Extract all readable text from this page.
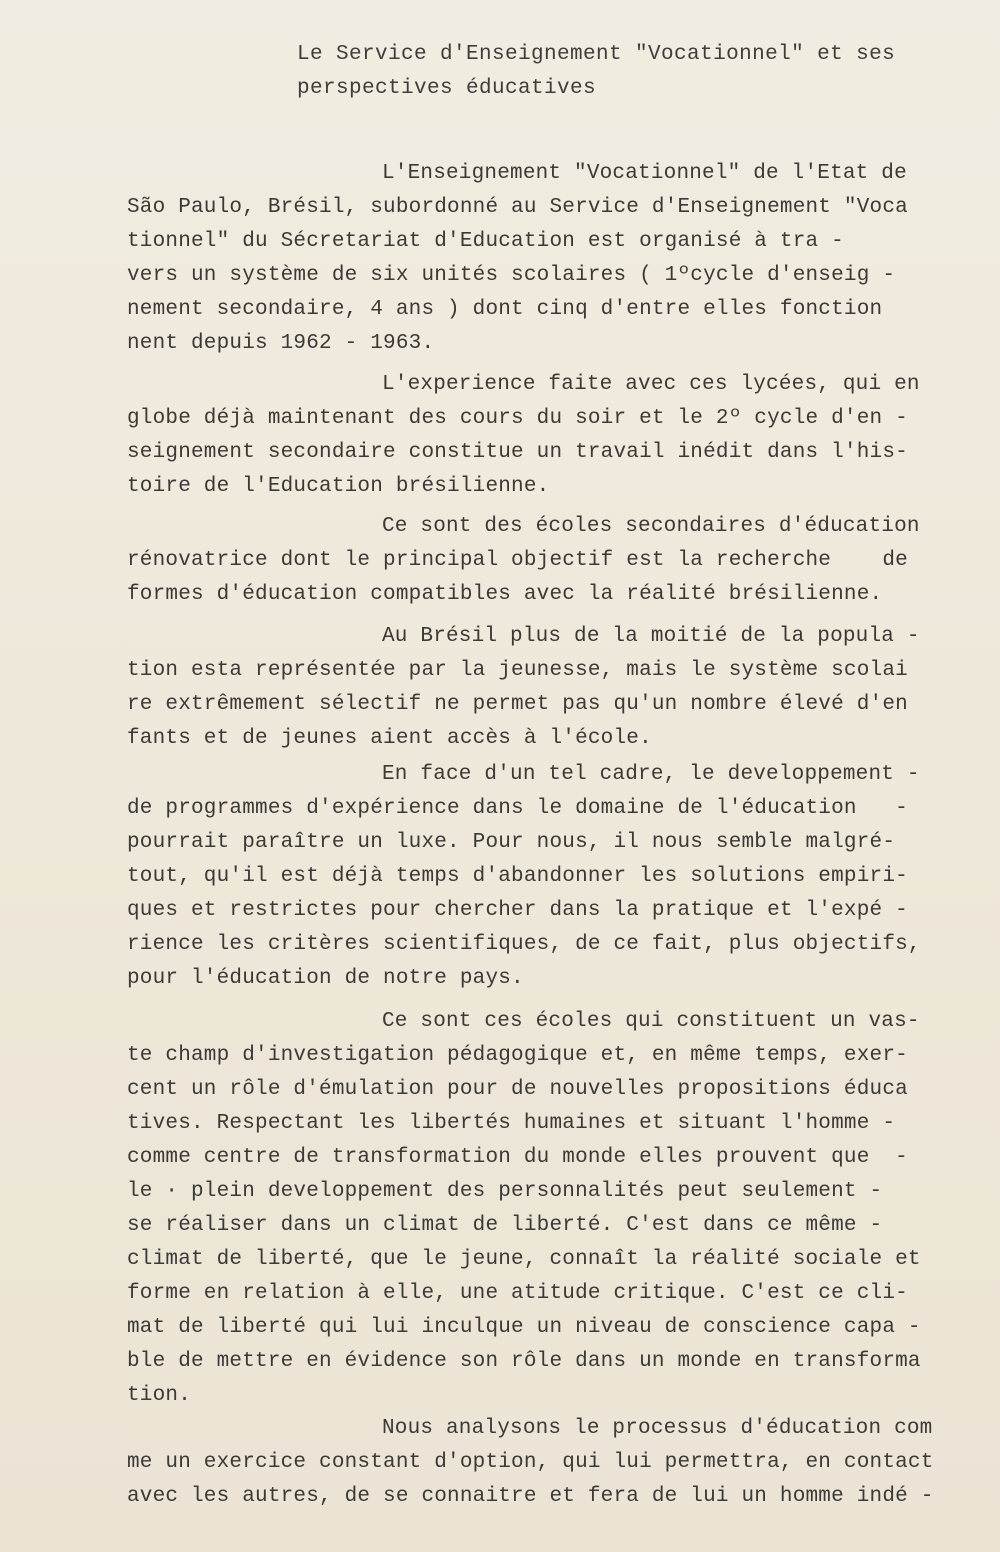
Le Service d'Enseignement "Vocationnel" et ses
perspectives éducatives
L'Enseignement "Vocationnel" de l'Etat de
São Paulo, Brésil, subordonné au Service d'Enseignement "Voca
tionnel" du Sécretariat d'Education est organisé à tra -
vers un système de six unités scolaires ( 1ºcycle d'enseig -
nement secondaire, 4 ans ) dont cinq d'entre elles fonction
nent depuis 1962 - 1963.
L'experience faite avec ces lycées, qui en
globe déjà maintenant des cours du soir et le 2º cycle d'en -
seignement secondaire constitue un travail inédit dans l'his-
toire de l'Education brésilienne.
Ce sont des écoles secondaires d'éducation
rénovatrice dont le principal objectif est la recherche    de
formes d'éducation compatibles avec la réalité brésilienne.
Au Brésil plus de la moitié de la popula -
tion esta représentée par la jeunesse, mais le système scolai
re extrêmement sélectif ne permet pas qu'un nombre élevé d'en
fants et de jeunes aient accès à l'école.
En face d'un tel cadre, le developpement -
de programmes d'expérience dans le domaine de l'éducation   -
pourrait paraître un luxe. Pour nous, il nous semble malgré-
tout, qu'il est déjà temps d'abandonner les solutions empiri-
ques et restrictes pour chercher dans la pratique et l'expé -
rience les critères scientifiques, de ce fait, plus objectifs,
pour l'éducation de notre pays.
Ce sont ces écoles qui constituent un vas-
te champ d'investigation pédagogique et, en même temps, exer-
cent un rôle d'émulation pour de nouvelles propositions éduca
tives. Respectant les libertés humaines et situant l'homme -
comme centre de transformation du monde elles prouvent que  -
le · plein developpement des personnalités peut seulement -
se réaliser dans un climat de liberté. C'est dans ce même -
climat de liberté, que le jeune, connaît la réalité sociale et
forme en relation à elle, une atitude critique. C'est ce cli-
mat de liberté qui lui inculque un niveau de conscience capa -
ble de mettre en évidence son rôle dans un monde en transforma
tion.
Nous analysons le processus d'éducation com
me un exercice constant d'option, qui lui permettra, en contact
avec les autres, de se connaitre et fera de lui un homme indé -
